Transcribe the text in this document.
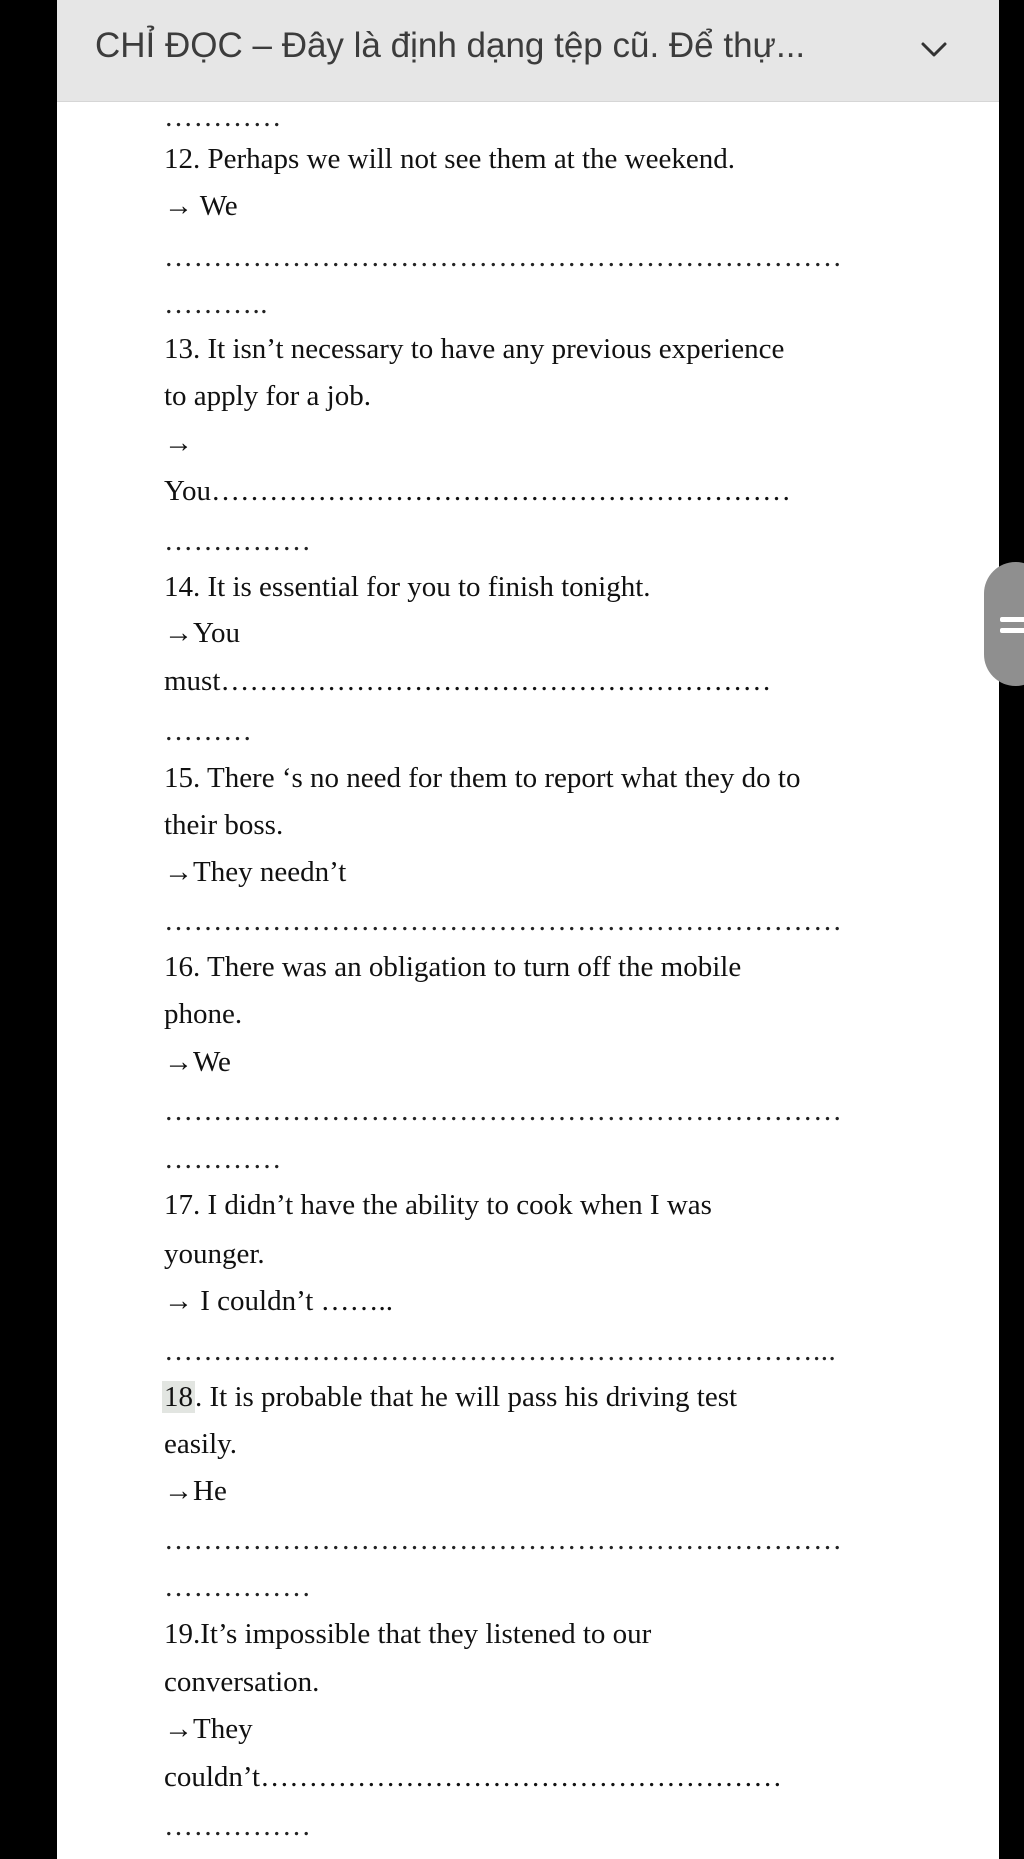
CHỈ ĐỌC – Đây là định dạng tệp cũ. Để thự...
…………
12. Perhaps we will not see them at the weekend.
→ We
……………………………………………………………
………..
13. It isn’t necessary to have any previous experience
to apply for a job.
→
You……………………………………………………
……………
14. It is essential for you to finish tonight.
→You
must…………………………………………………
………
15. There ‘s no need for them to report what they do to
their boss.
→They needn’t
……………………………………………………………
16. There was an obligation to turn off the mobile
phone.
→We
……………………………………………………………
…………
17. I didn’t have the ability to cook when I was
younger.
→ I couldn’t ……..
…………………………………………………………...
18. It is probable that he will pass his driving test
easily.
→He
……………………………………………………………
……………
19.It’s impossible that they listened to our
conversation.
→They
couldn’t………………………………………………
……………
